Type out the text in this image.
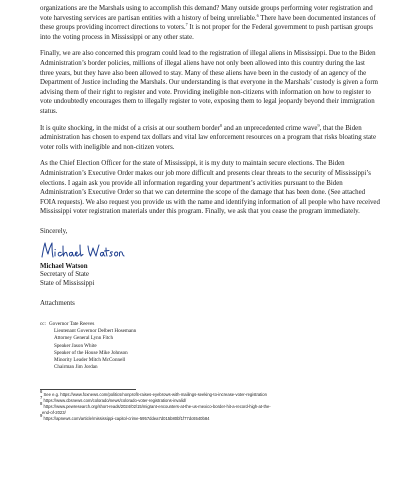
organizations are the Marshals using to accomplish this demand? Many outside groups performing voter registration and vote harvesting services are partisan entities with a history of being unreliable.$^6$ There have been documented instances of these groups providing incorrect directions to voters.$^7$ It is not proper for the Federal government to push partisan groups into the voting process in Mississippi or any other state.

Finally, we are also concerned this program could lead to the registration of illegal aliens in Mississippi. Due to the Biden Administration’s border policies, millions of illegal aliens have not only been allowed into this country during the last three years, but they have also been allowed to stay. Many of these aliens have been in the custody of an agency of the Department of Justice including the Marshals. Our understanding is that everyone in the Marshals’ custody is given a form advising them of their right to register and vote. Providing ineligible non-citizens with information on how to register to vote undoubtedly encourages them to illegally register to vote, exposing them to legal jeopardy beyond their immigration status.

It is quite shocking, in the midst of a crisis at our southern border$^8$ and an unprecedented crime wave$^9$, that the Biden administration has chosen to expend tax dollars and vital law enforcement resources on a program that risks bloating state voter rolls with ineligible and non-citizen voters.

As the Chief Election Officer for the state of Mississippi, it is my duty to maintain secure elections. The Biden Administration’s Executive Order makes our job more difficult and presents clear threats to the security of Mississippi’s elections. I again ask you provide all information regarding your department’s activities pursuant to the Biden Administration’s Executive Order so that we can determine the scope of the damage that has been done. (See attached FOIA requests). We also request you provide us with the name and identifying information of all people who have received Mississippi voter registration materials under this program. Finally, we ask that you cease the program immediately.

Sincerely,
Michael Watson
Secretary of State
State of Mississippi
Attachments
cc: Governor Tate Reeves
Lieutenant Governor Delbert Hosemann
Attorney General Lynn Fitch
Speaker Jason White
Speaker of the House Mike Johnson
Minority Leader Mitch McConnell
Chairman Jim Jordan
$^6$ See e.g. https://www.foxnews.com/politics/nonprofit-raises-eyebrows-with-mailings-seeking-to-increase-voter-registration
$^7$ https://www.cbsnews.com/colorado/news/colorado-voter-registrations-invalid/
$^8$ https://www.pewresearch.org/short-reads/2024/02/15/migrant-encounters-at-the-us-mexico-border-hit-a-record-high-at-the-
end-of-2023/
$^9$ https://apnews.com/article/mississippi-capitol-crime-5957ddea7d015b80bf1f77dc6540b84
